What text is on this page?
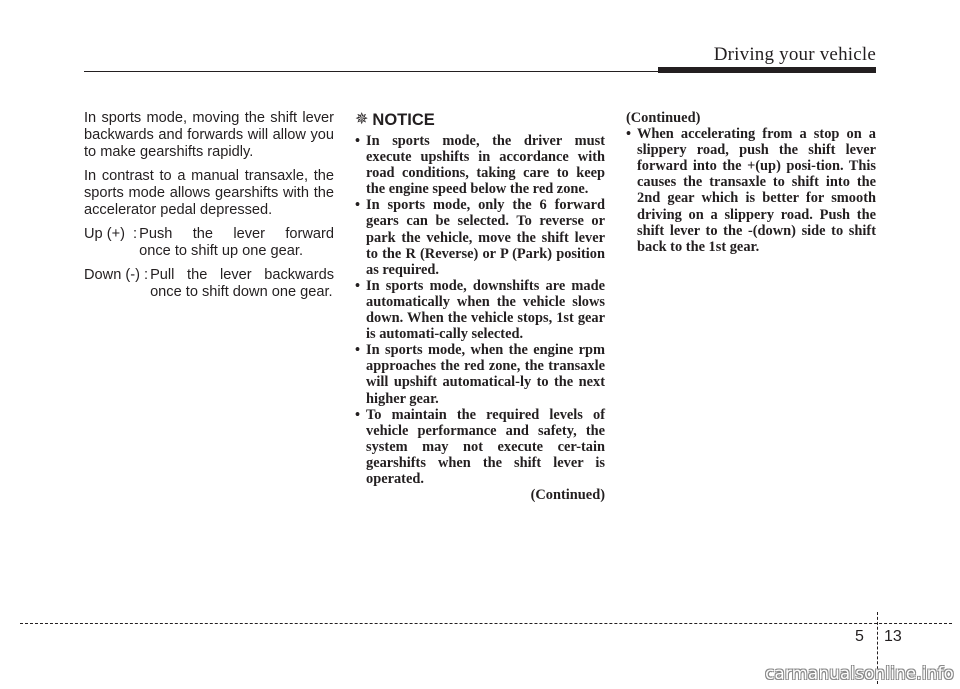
Driving your vehicle

In sports mode, moving the shift lever backwards and forwards will allow you to make gearshifts rapidly.

In contrast to a manual transaxle, the sports mode allows gearshifts with the accelerator pedal depressed.

Up (+)  : Push the lever forward
once to shift up one gear.
Down (-) : Pull the lever backwards
once to shift down one gear.
✵ NOTICE
• In sports mode, the driver must execute upshifts in accordance with road conditions, taking care to keep the engine speed below the red zone.
• In sports mode, only the 6 forward gears can be selected. To reverse or park the vehicle, move the shift lever to the R (Reverse) or P (Park) position as required.
• In sports mode, downshifts are made automatically when the vehicle slows down. When the vehicle stops, 1st gear is automati-cally selected.
• In sports mode, when the engine rpm approaches the red zone, the transaxle will upshift automatical-ly to the next higher gear.
• To maintain the required levels of vehicle performance and safety, the system may not execute cer-tain gearshifts when the shift lever is operated.
(Continued)
(Continued)
• When accelerating from a stop on a slippery road, push the shift lever forward into the +(up) posi-tion. This causes the transaxle to shift into the 2nd gear which is better for smooth driving on a slippery road. Push the shift lever to the -(down) side to shift back to the 1st gear.
5 13
carmanualsonline.info
